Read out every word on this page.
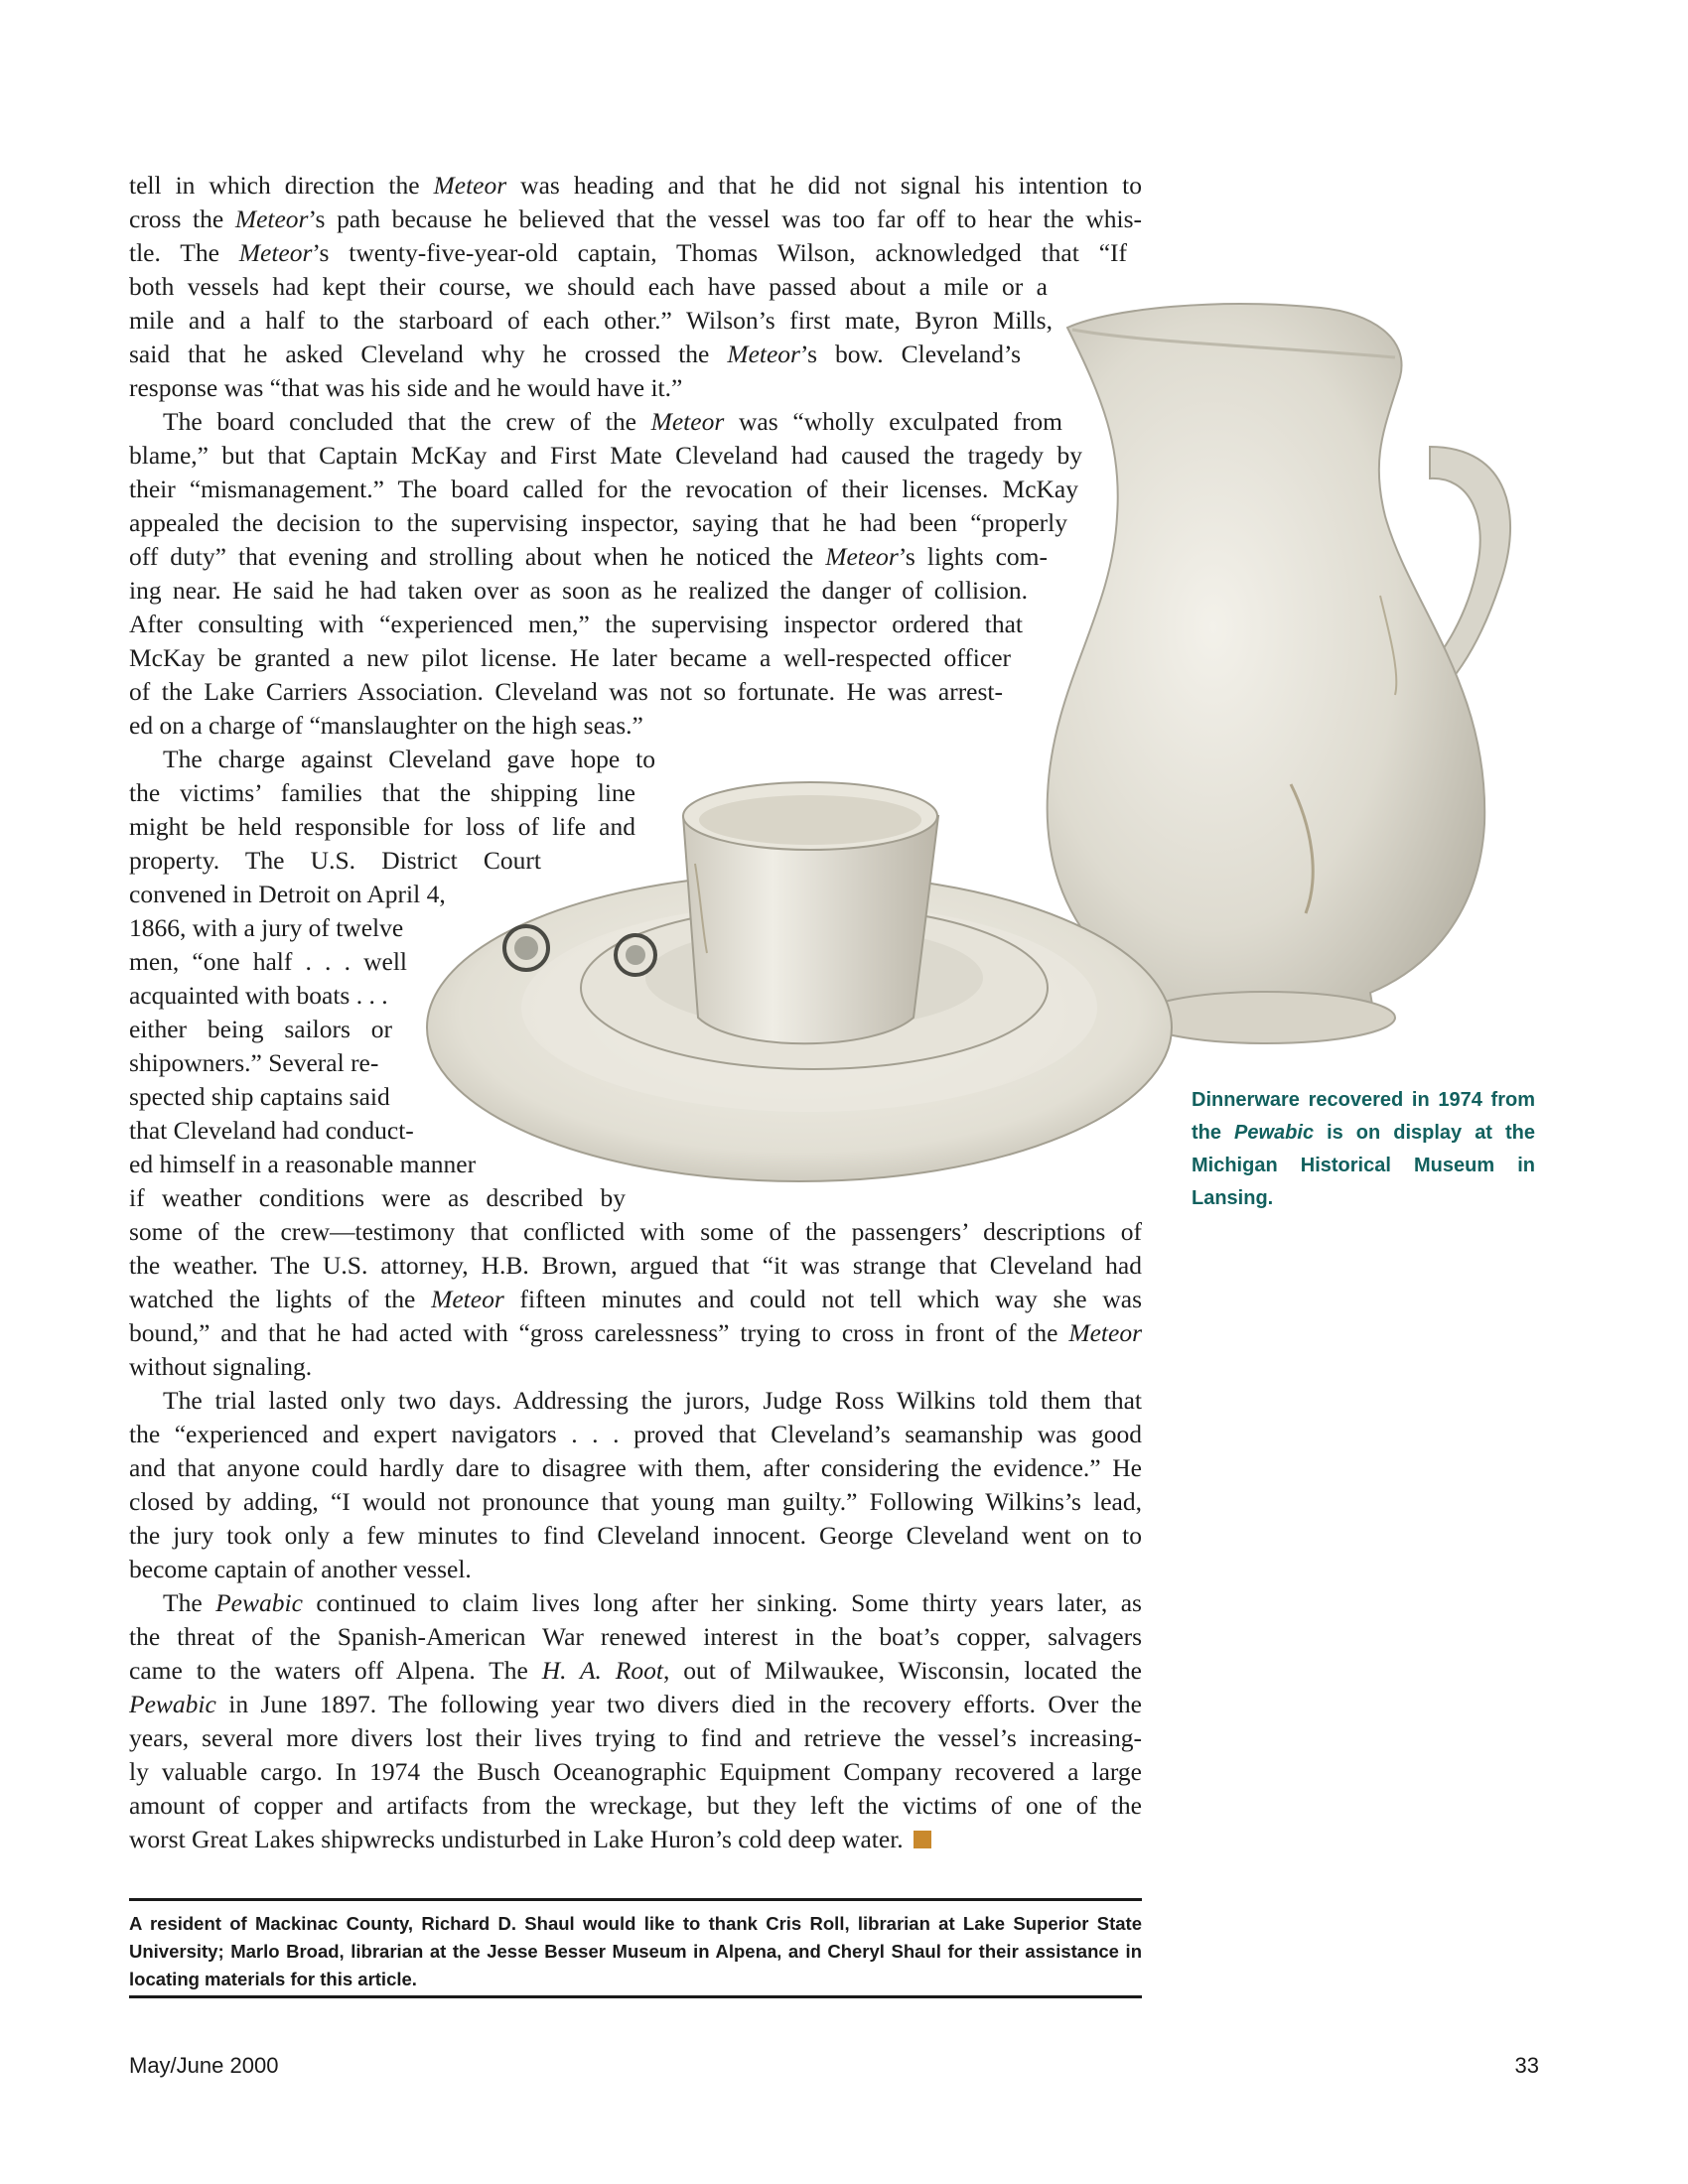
tell in which direction the Meteor was heading and that he did not signal his intention to

cross the Meteor’s path because he believed that the vessel was too far off to hear the whis-

tle. The Meteor’s twenty-five-year-old captain, Thomas Wilson, acknowledged that “If

both vessels had kept their course, we should each have passed about a mile or a

mile and a half to the starboard of each other.” Wilson’s first mate, Byron Mills,

said that he asked Cleveland why he crossed the Meteor’s bow. Cleveland’s

response was “that was his side and he would have it.”

The board concluded that the crew of the Meteor was “wholly exculpated from

blame,” but that Captain McKay and First Mate Cleveland had caused the tragedy by

their “mismanagement.” The board called for the revocation of their licenses. McKay

appealed the decision to the supervising inspector, saying that he had been “properly

off duty” that evening and strolling about when he noticed the Meteor’s lights com-

ing near. He said he had taken over as soon as he realized the danger of collision.

After consulting with “experienced men,” the supervising inspector ordered that

McKay be granted a new pilot license. He later became a well-respected officer

of the Lake Carriers Association. Cleveland was not so fortunate. He was arrest-

ed on a charge of “manslaughter on the high seas.”

The charge against Cleveland gave hope to

the victims’ families that the shipping line

might be held responsible for loss of life and

property. The U.S. District Court

convened in Detroit on April 4,

1866, with a jury of twelve

men, “one half . . . well

acquainted with boats . . .

either being sailors or

shipowners.” Several re-

spected ship captains said

that Cleveland had conduct-

ed himself in a reasonable manner

if weather conditions were as described by

some of the crew—testimony that conflicted with some of the passengers’ descriptions of

the weather. The U.S. attorney, H.B. Brown, argued that “it was strange that Cleveland had

watched the lights of the Meteor fifteen minutes and could not tell which way she was

bound,” and that he had acted with “gross carelessness” trying to cross in front of the Meteor

without signaling.

The trial lasted only two days. Addressing the jurors, Judge Ross Wilkins told them that

the “experienced and expert navigators . . . proved that Cleveland’s seamanship was good

and that anyone could hardly dare to disagree with them, after considering the evidence.” He

closed by adding, “I would not pronounce that young man guilty.” Following Wilkins’s lead,

the jury took only a few minutes to find Cleveland innocent. George Cleveland went on to

become captain of another vessel.

The Pewabic continued to claim lives long after her sinking. Some thirty years later, as

the threat of the Spanish-American War renewed interest in the boat’s copper, salvagers

came to the waters off Alpena. The H. A. Root, out of Milwaukee, Wisconsin, located the

Pewabic in June 1897. The following year two divers died in the recovery efforts. Over the

years, several more divers lost their lives trying to find and retrieve the vessel’s increasing-

ly valuable cargo. In 1974 the Busch Oceanographic Equipment Company recovered a large

amount of copper and artifacts from the wreckage, but they left the victims of one of the

worst Great Lakes shipwrecks undisturbed in Lake Huron’s cold deep water.

Dinnerware recovered in 1974 from the Pewabic is on display at the Michigan Historical Museum in Lansing.
A resident of Mackinac County, Richard D. Shaul would like to thank Cris Roll, librarian at Lake Superior State University; Marlo Broad, librarian at the Jesse Besser Museum in Alpena, and Cheryl Shaul for their assistance in locating materials for this article.
May/June 2000	33
